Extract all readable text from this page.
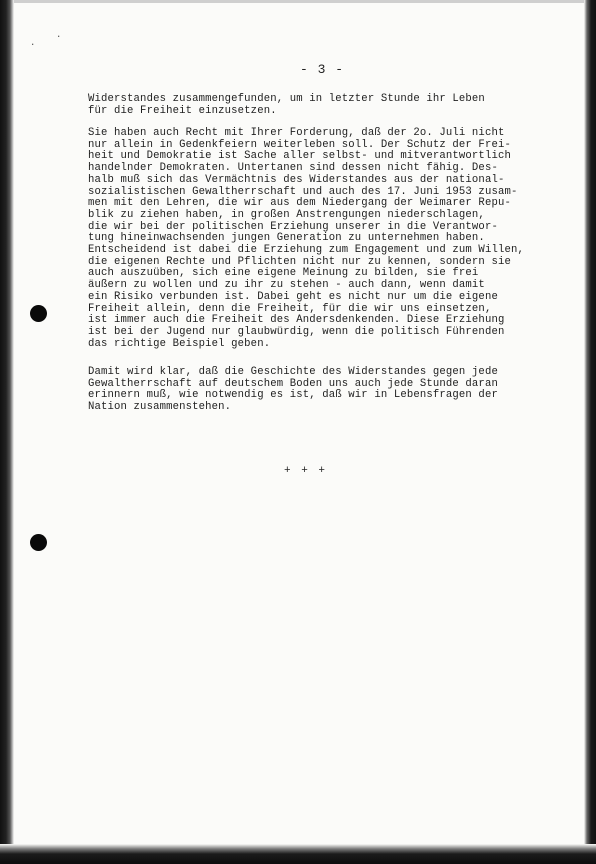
·
·
- 3 -
Widerstandes zusammengefunden, um in letzter Stunde ihr Leben
für die Freiheit einzusetzen.
Sie haben auch Recht mit Ihrer Forderung, daß der 2o. Juli nicht
nur allein in Gedenkfeiern weiterleben soll. Der Schutz der Frei-
heit und Demokratie ist Sache aller selbst- und mitverantwortlich
handelnder Demokraten. Untertanen sind dessen nicht fähig. Des-
halb muß sich das Vermächtnis des Widerstandes aus der national-
sozialistischen Gewaltherrschaft und auch des 17. Juni 1953 zusam-
men mit den Lehren, die wir aus dem Niedergang der Weimarer Repu-
blik zu ziehen haben, in großen Anstrengungen niederschlagen,
die wir bei der politischen Erziehung unserer in die Verantwor-
tung hineinwachsenden jungen Generation zu unternehmen haben.
Entscheidend ist dabei die Erziehung zum Engagement und zum Willen,
die eigenen Rechte und Pflichten nicht nur zu kennen, sondern sie
auch auszuüben, sich eine eigene Meinung zu bilden, sie frei
äußern zu wollen und zu ihr zu stehen - auch dann, wenn damit
ein Risiko verbunden ist. Dabei geht es nicht nur um die eigene
Freiheit allein, denn die Freiheit, für die wir uns einsetzen,
ist immer auch die Freiheit des Andersdenkenden. Diese Erziehung
ist bei der Jugend nur glaubwürdig, wenn die politisch Führenden
das richtige Beispiel geben.
Damit wird klar, daß die Geschichte des Widerstandes gegen jede
Gewaltherrschaft auf deutschem Boden uns auch jede Stunde daran
erinnern muß, wie notwendig es ist, daß wir in Lebensfragen der
Nation zusammenstehen.
+ + +
